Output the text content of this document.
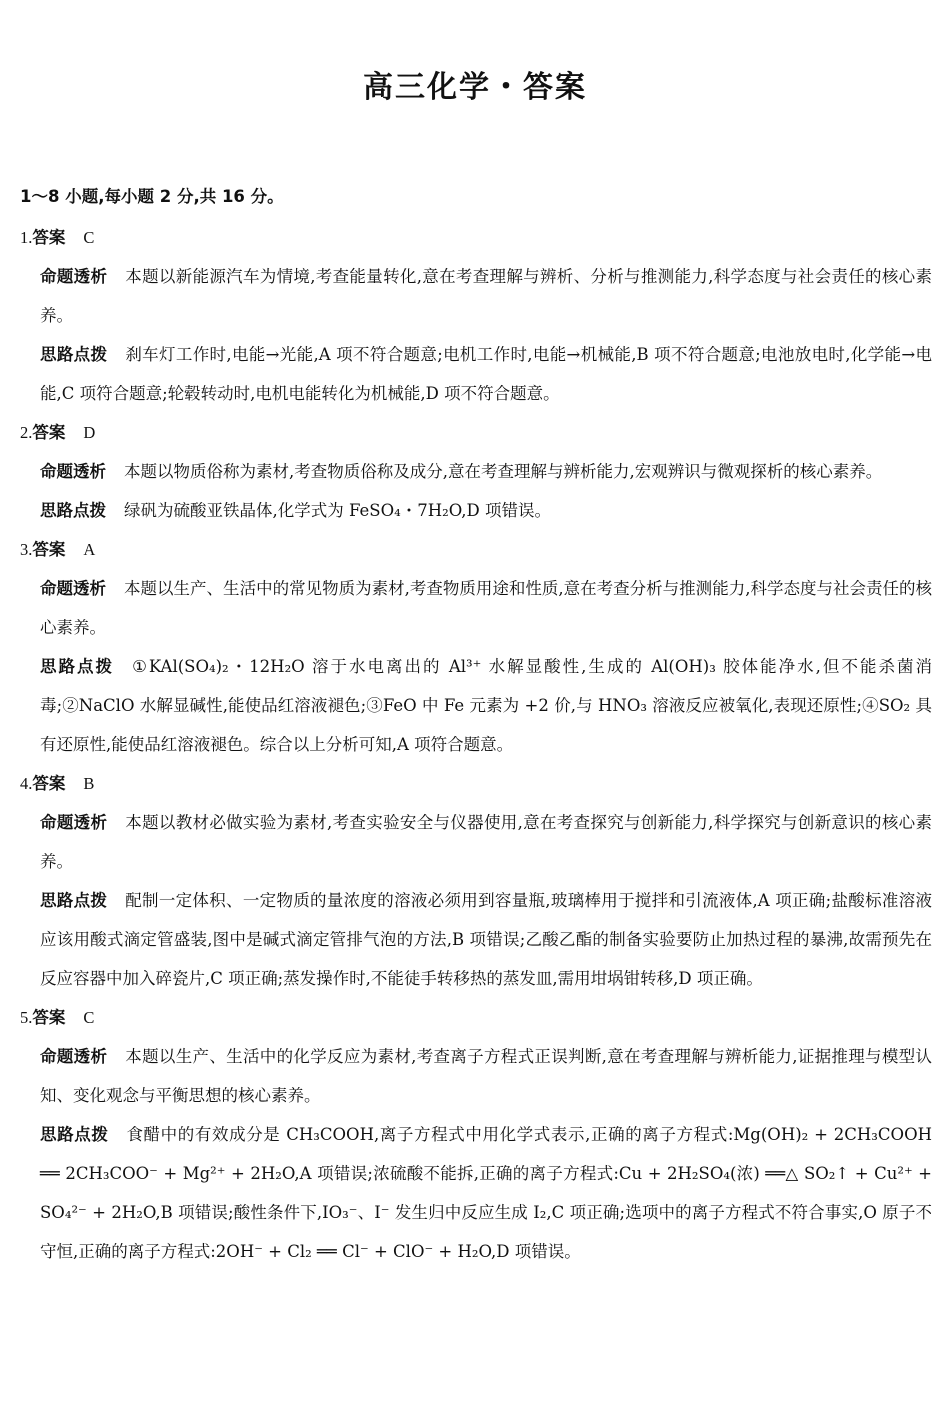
高三化学・答案
1～8 小题,每小题 2 分,共 16 分。
1.答案 C
命题透析 本题以新能源汽车为情境,考查能量转化,意在考查理解与辨析、分析与推测能力,科学态度与社会责任的核心素养。
思路点拨 刹车灯工作时,电能→光能,A 项不符合题意;电机工作时,电能→机械能,B 项不符合题意;电池放电时,化学能→电能,C 项符合题意;轮毂转动时,电机电能转化为机械能,D 项不符合题意。
2.答案 D
命题透析 本题以物质俗称为素材,考查物质俗称及成分,意在考查理解与辨析能力,宏观辨识与微观探析的核心素养。
思路点拨 绿矾为硫酸亚铁晶体,化学式为 FeSO₄・7H₂O,D 项错误。
3.答案 A
命题透析 本题以生产、生活中的常见物质为素材,考查物质用途和性质,意在考查分析与推测能力,科学态度与社会责任的核心素养。
思路点拨 ①KAl(SO₄)₂・12H₂O 溶于水电离出的 Al³⁺ 水解显酸性,生成的 Al(OH)₃ 胶体能净水,但不能杀菌消毒;②NaClO 水解显碱性,能使品红溶液褪色;③FeO 中 Fe 元素为 +2 价,与 HNO₃ 溶液反应被氧化,表现还原性;④SO₂ 具有还原性,能使品红溶液褪色。综合以上分析可知,A 项符合题意。
4.答案 B
命题透析 本题以教材必做实验为素材,考查实验安全与仪器使用,意在考查探究与创新能力,科学探究与创新意识的核心素养。
思路点拨 配制一定体积、一定物质的量浓度的溶液必须用到容量瓶,玻璃棒用于搅拌和引流液体,A 项正确;盐酸标准溶液应该用酸式滴定管盛装,图中是碱式滴定管排气泡的方法,B 项错误;乙酸乙酯的制备实验要防止加热过程的暴沸,故需预先在反应容器中加入碎瓷片,C 项正确;蒸发操作时,不能徒手转移热的蒸发皿,需用坩埚钳转移,D 项正确。
5.答案 C
命题透析 本题以生产、生活中的化学反应为素材,考查离子方程式正误判断,意在考查理解与辨析能力,证据推理与模型认知、变化观念与平衡思想的核心素养。
思路点拨 食醋中的有效成分是 CH₃COOH,离子方程式中用化学式表示,正确的离子方程式:Mg(OH)₂ + 2CH₃COOH ══ 2CH₃COO⁻ + Mg²⁺ + 2H₂O,A 项错误;浓硫酸不能拆,正确的离子方程式:Cu + 2H₂SO₄(浓) ══△ SO₂↑ + Cu²⁺ + SO₄²⁻ + 2H₂O,B 项错误;酸性条件下,IO₃⁻、I⁻ 发生归中反应生成 I₂,C 项正确;选项中的离子方程式不符合事实,O 原子不守恒,正确的离子方程式:2OH⁻ + Cl₂ ══ Cl⁻ + ClO⁻ + H₂O,D 项错误。
